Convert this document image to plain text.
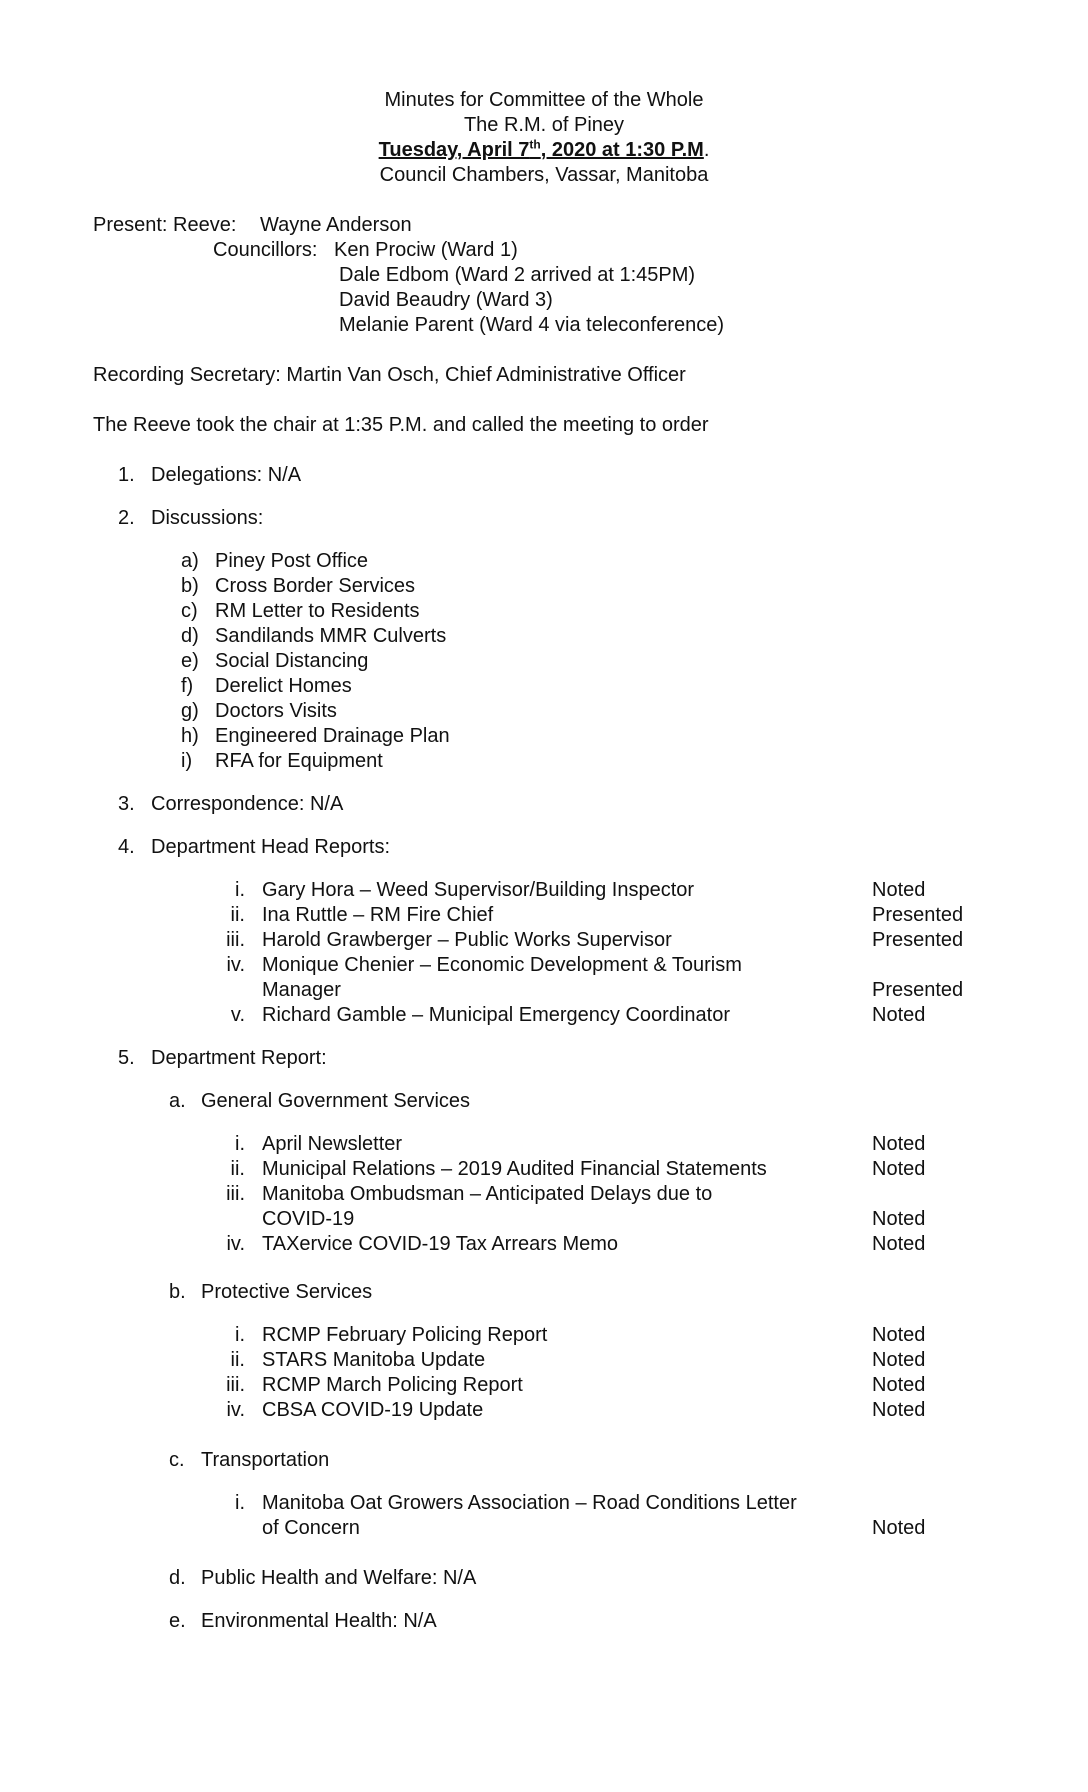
Minutes for Committee of the Whole
The R.M. of Piney
Tuesday, April 7th, 2020 at 1:30 P.M.
Council Chambers, Vassar, Manitoba
Present: Reeve: Wayne Anderson
Councillors: Ken Prociw (Ward 1)
Dale Edbom (Ward 2 arrived at 1:45PM)
David Beaudry (Ward 3)
Melanie Parent (Ward 4 via teleconference)
Recording Secretary: Martin Van Osch, Chief Administrative Officer
The Reeve took the chair at 1:35 P.M. and called the meeting to order
1. Delegations: N/A
2. Discussions:
a) Piney Post Office
b) Cross Border Services
c) RM Letter to Residents
d) Sandilands MMR Culverts
e) Social Distancing
f) Derelict Homes
g) Doctors Visits
h) Engineered Drainage Plan
i) RFA for Equipment
3. Correspondence: N/A
4. Department Head Reports:
i. Gary Hora – Weed Supervisor/Building Inspector	Noted
ii. Ina Ruttle – RM Fire Chief	Presented
iii. Harold Grawberger – Public Works Supervisor	Presented
iv. Monique Chenier – Economic Development & Tourism
Manager	Presented
v. Richard Gamble – Municipal Emergency Coordinator	Noted
5. Department Report:
a. General Government Services
i. April Newsletter	Noted
ii. Municipal Relations – 2019 Audited Financial Statements	Noted
iii. Manitoba Ombudsman – Anticipated Delays due to
COVID-19	Noted
iv. TAXervice COVID-19 Tax Arrears Memo	Noted
b. Protective Services
i. RCMP February Policing Report	Noted
ii. STARS Manitoba Update	Noted
iii. RCMP March Policing Report	Noted
iv. CBSA COVID-19 Update	Noted
c. Transportation
i. Manitoba Oat Growers Association – Road Conditions Letter
of Concern	Noted
d. Public Health and Welfare: N/A
e. Environmental Health: N/A
